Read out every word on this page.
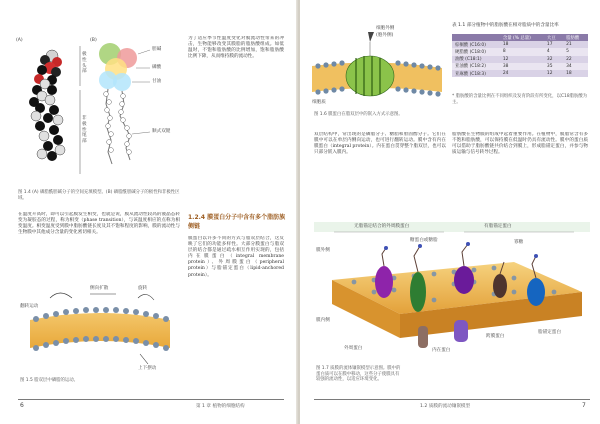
(A)	(B)
极性头部
非极性尾部
胆碱
磷酸
甘油
顺式双键
图 1.4 (A) 磷脂酰胆碱分子的空间充填模型。(B) 磷脂酰胆碱分子的极性和非极性区域。
为了适应季节性温度变化对膜流动性带来的冲击，生物能够改变其膜脂的脂肪酸组成。如低温时，不饱和脂肪酸的比例增加，饱和脂肪酸比例下降，从而维持膜的流动性。
在温度升高时，即可以引起膜发生相变，也就是说，膜从流动性较高的液晶态转变为凝胶态的过程，称为相变（phase transition），与该温度相应的点称为相变温度。相变温度受到膜中脂肪酸链长度及其不饱和程度的影响，膜的流动性与生物膜中其他成分含量的变化密切相关。
1.2.4 膜蛋白分子中含有多个脂肪族侧链
膜蛋白以许多不同的方式与脂双层结合，这反映了它们的功能多样性。大部分膜蛋白与脂双层的结合都是通过疏水相互作用实现的，包括内在膜蛋白（integral membrane protein）、外周膜蛋白（peripheral protein）与脂锚定蛋白（lipid-anchored protein）。
翻转运动
侧向扩散	旋转
上下摆动
图 1.5 脂双层中磷脂的运动。
6	第 1 章 植物的细胞结构
细胞外侧
(胞外侧)
细胞质
图 1.6 膜蛋白在脂双层中的嵌入方式示意图。
表 1.1 部分植物中的脂肪酸在相对脂质中的含量比率
	含量 (% 总量)	大豆	脂肪酸
棕榈酸 (C16:0)	18	17	21
硬脂酸 (C18:0)	8	4	5
油酸 (C18:1)	12	32	22
亚油酸 (C18:2)	38	35	34
亚麻酸 (C18:3)	24	12	18
* 脂肪酸的含量比例在不同组织及发育阶段有所变化，以C18脂肪酸为主。
双层结构中，常出现的是磷脂分子、糖脂和胆固醇分子。它们在膜中可以在单层内侧向运动，也可进行翻转运动。膜中含有内在膜蛋白（integral protein）。内在蛋白贯穿整个脂双层，也可以只部分嵌入膜内。
脂肪酸在生物膜的组成中起着重要作用。在植物中，膜脂常含有多不饱和脂肪酸，可以保持膜在低温时仍具有流动性。膜中的蛋白质可以借助于脂肪酸链共价结合到膜上，形成脂锚定蛋白，并参与物质运输与信号转导过程。
无脂锚定结合的外周膜蛋白	有脂锚定蛋白
糖蛋白或糖脂
膜外侧
寡糖
膜内侧
外周蛋白	内在蛋白
跨膜蛋白
脂锚定蛋白
图 1.7 质膜的流体镶嵌模型示意图。膜中的蛋白质可以在膜中移动，这些分子使膜具有较强的流动性，以适应环境变化。
1.2 质膜的流动镶嵌模型	7
